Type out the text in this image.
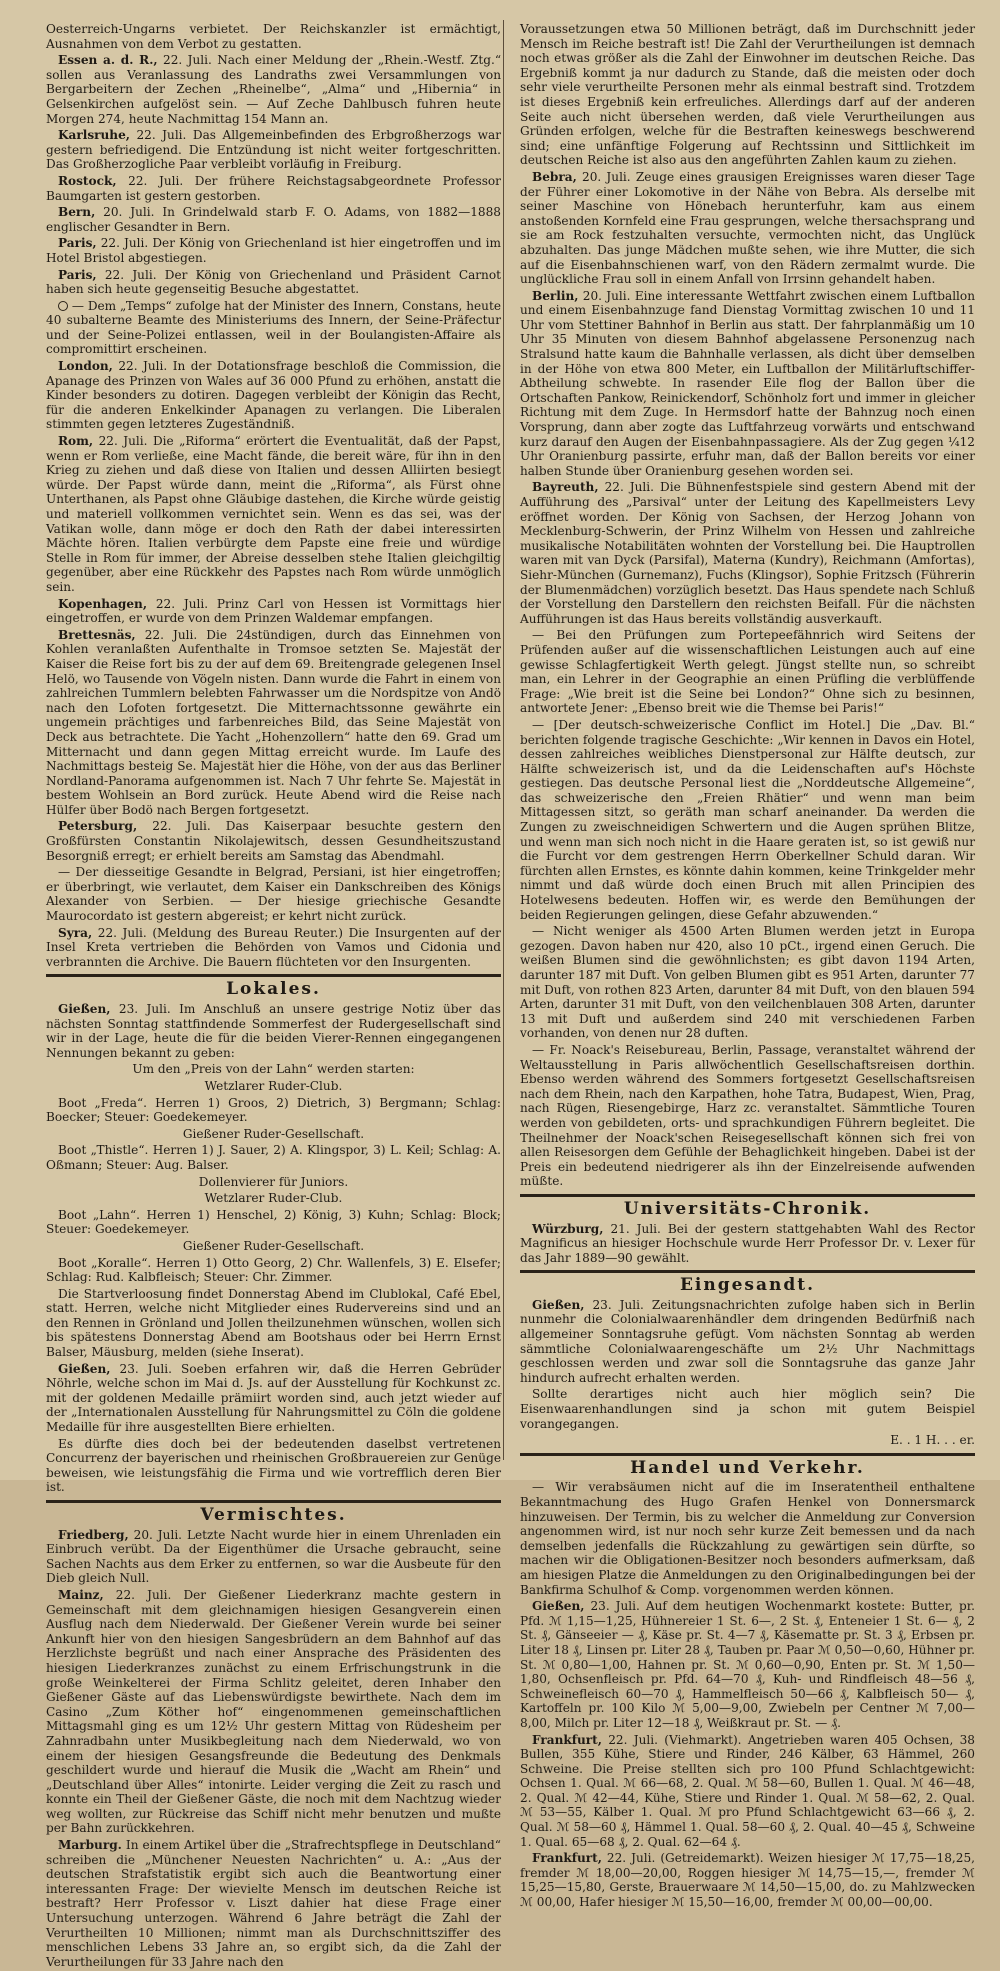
Oesterreich-Ungarns verbietet. Der Reichskanzler ist ermächtigt, Ausnahmen von dem Verbot zu gestatten.

Essen a. d. R., 22. Juli. Nach einer Meldung der „Rhein.-Westf. Ztg.“ sollen aus Veranlassung des Landraths zwei Versammlungen von Bergarbeitern der Zechen „Rheinelbe“, „Alma“ und „Hibernia“ in Gelsenkirchen aufgelöst sein. — Auf Zeche Dahlbusch fuhren heute Morgen 274, heute Nachmittag 154 Mann an.

Karlsruhe, 22. Juli. Das Allgemeinbefinden des Erbgroßherzogs war gestern befriedigend. Die Entzündung ist nicht weiter fortgeschritten. Das Großherzogliche Paar verbleibt vorläufig in Freiburg.

Rostock, 22. Juli. Der frühere Reichstagsabgeordnete Professor Baumgarten ist gestern gestorben.

Bern, 20. Juli. In Grindelwald starb F. O. Adams, von 1882—1888 englischer Gesandter in Bern.

Paris, 22. Juli. Der König von Griechenland ist hier eingetroffen und im Hotel Bristol abgestiegen.

Paris, 22. Juli. Der König von Griechenland und Präsident Carnot haben sich heute gegenseitig Besuche abgestattet.

— Dem „Temps“ zufolge hat der Minister des Innern, Constans, heute 40 subalterne Beamte des Ministeriums des Innern, der Seine-Präfectur und der Seine-Polizei entlassen, weil in der Boulangisten-Affaire als compromittirt erscheinen.

London, 22. Juli. In der Dotationsfrage beschloß die Commission, die Apanage des Prinzen von Wales auf 36 000 Pfund zu erhöhen, anstatt die Kinder besonders zu dotiren. Dagegen verbleibt der Königin das Recht, für die anderen Enkelkinder Apanagen zu verlangen. Die Liberalen stimmten gegen letzteres Zugeständniß.

Rom, 22. Juli. Die „Riforma“ erörtert die Eventualität, daß der Papst, wenn er Rom verließe, eine Macht fände, die bereit wäre, für ihn in den Krieg zu ziehen und daß diese von Italien und dessen Alliirten besiegt würde. Der Papst würde dann, meint die „Riforma“, als Fürst ohne Unterthanen, als Papst ohne Gläubige dastehen, die Kirche würde geistig und materiell vollkommen vernichtet sein. Wenn es das sei, was der Vatikan wolle, dann möge er doch den Rath der dabei interessirten Mächte hören. Italien verbürgte dem Papste eine freie und würdige Stelle in Rom für immer, der Abreise desselben stehe Italien gleichgiltig gegenüber, aber eine Rückkehr des Papstes nach Rom würde unmöglich sein.

Kopenhagen, 22. Juli. Prinz Carl von Hessen ist Vormittags hier eingetroffen, er wurde von dem Prinzen Waldemar empfangen.

Brettesnäs, 22. Juli. Die 24stündigen, durch das Einnehmen von Kohlen veranlaßten Aufenthalte in Tromsoe setzten Se. Majestät der Kaiser die Reise fort bis zu der auf dem 69. Breitengrade gelegenen Insel Helö, wo Tausende von Vögeln nisten. Dann wurde die Fahrt in einem von zahlreichen Tummlern belebten Fahrwasser um die Nordspitze von Andö nach den Lofoten fortgesetzt. Die Mitternachtssonne gewährte ein ungemein prächtiges und farbenreiches Bild, das Seine Majestät von Deck aus betrachtete. Die Yacht „Hohenzollern“ hatte den 69. Grad um Mitternacht und dann gegen Mittag erreicht wurde. Im Laufe des Nachmittags besteig Se. Majestät hier die Höhe, von der aus das Berliner Nordland-Panorama aufgenommen ist. Nach 7 Uhr fehrte Se. Majestät in bestem Wohlsein an Bord zurück. Heute Abend wird die Reise nach Hülfer über Bodö nach Bergen fortgesetzt.

Petersburg, 22. Juli. Das Kaiserpaar besuchte gestern den Großfürsten Constantin Nikolajewitsch, dessen Gesundheitszustand Besorgniß erregt; er erhielt bereits am Samstag das Abendmahl.

— Der diesseitige Gesandte in Belgrad, Persiani, ist hier eingetroffen; er überbringt, wie verlautet, dem Kaiser ein Dankschreiben des Königs Alexander von Serbien. — Der hiesige griechische Gesandte Maurocordato ist gestern abgereist; er kehrt nicht zurück.

Syra, 22. Juli. (Meldung des Bureau Reuter.) Die Insurgenten auf der Insel Kreta vertrieben die Behörden von Vamos und Cidonia und verbrannten die Archive. Die Bauern flüchteten vor den Insurgenten.

Lokales.

Gießen, 23. Juli. Im Anschluß an unsere gestrige Notiz über das nächsten Sonntag stattfindende Sommerfest der Rudergesellschaft sind wir in der Lage, heute die für die beiden Vierer-Rennen eingegangenen Nennungen bekannt zu geben:

Um den „Preis von der Lahn“ werden starten:

Wetzlarer Ruder-Club.

Boot „Freda“. Herren 1) Groos, 2) Dietrich, 3) Bergmann; Schlag: Boecker; Steuer: Goedekemeyer.

Gießener Ruder-Gesellschaft.

Boot „Thistle“. Herren 1) J. Sauer, 2) A. Klingspor, 3) L. Keil; Schlag: A. Oßmann; Steuer: Aug. Balser.

Dollenvierer für Juniors.

Wetzlarer Ruder-Club.

Boot „Lahn“. Herren 1) Henschel, 2) König, 3) Kuhn; Schlag: Block; Steuer: Goedekemeyer.

Gießener Ruder-Gesellschaft.

Boot „Koralle“. Herren 1) Otto Georg, 2) Chr. Wallenfels, 3) E. Elsefer; Schlag: Rud. Kalbfleisch; Steuer: Chr. Zimmer.

Die Startverloosung findet Donnerstag Abend im Clublokal, Café Ebel, statt. Herren, welche nicht Mitglieder eines Rudervereins sind und an den Rennen in Grönland und Jollen theilzunehmen wünschen, wollen sich bis spätestens Donnerstag Abend am Bootshaus oder bei Herrn Ernst Balser, Mäusburg, melden (siehe Inserat).

Gießen, 23. Juli. Soeben erfahren wir, daß die Herren Gebrüder Nöhrle, welche schon im Mai d. Js. auf der Ausstellung für Kochkunst zc. mit der goldenen Medaille prämiirt worden sind, auch jetzt wieder auf der „Internationalen Ausstellung für Nahrungsmittel zu Cöln die goldene Medaille für ihre ausgestellten Biere erhielten.

Es dürfte dies doch bei der bedeutenden daselbst vertretenen Concurrenz der bayerischen und rheinischen Großbrauereien zur Genüge beweisen, wie leistungsfähig die Firma und wie vortrefflich deren Bier ist.

Vermischtes.

Friedberg, 20. Juli. Letzte Nacht wurde hier in einem Uhrenladen ein Einbruch verübt. Da der Eigenthümer die Ursache gebraucht, seine Sachen Nachts aus dem Erker zu entfernen, so war die Ausbeute für den Dieb gleich Null.

Mainz, 22. Juli. Der Gießener Liederkranz machte gestern in Gemeinschaft mit dem gleichnamigen hiesigen Gesangverein einen Ausflug nach dem Niederwald. Der Gießener Verein wurde bei seiner Ankunft hier von den hiesigen Sangesbrüdern an dem Bahnhof auf das Herzlichste begrüßt und nach einer Ansprache des Präsidenten des hiesigen Liederkranzes zunächst zu einem Erfrischungstrunk in die große Weinkelterei der Firma Schlitz geleitet, deren Inhaber den Gießener Gäste auf das Liebenswürdigste bewirthete. Nach dem im Casino „Zum Köther hof“ eingenommenen gemeinschaftlichen Mittagsmahl ging es um 12½ Uhr gestern Mittag von Rüdesheim per Zahnradbahn unter Musikbegleitung nach dem Niederwald, wo von einem der hiesigen Gesangsfreunde die Bedeutung des Denkmals geschildert wurde und hierauf die Musik die „Wacht am Rhein“ und „Deutschland über Alles“ intonirte. Leider verging die Zeit zu rasch und konnte ein Theil der Gießener Gäste, die noch mit dem Nachtzug wieder weg wollten, zur Rückreise das Schiff nicht mehr benutzen und mußte per Bahn zurückkehren.

Marburg. In einem Artikel über die „Strafrechtspflege in Deutschland“ schreiben die „Münchener Neuesten Nachrichten“ u. A.: „Aus der deutschen Strafstatistik ergibt sich auch die Beantwortung einer interessanten Frage: Der wievielte Mensch im deutschen Reiche ist bestraft? Herr Professor v. Liszt dahier hat diese Frage einer Untersuchung unterzogen. Während 6 Jahre beträgt die Zahl der Verurtheilten 10 Millionen; nimmt man als Durchschnittsziffer des menschlichen Lebens 33 Jahre an, so ergibt sich, da die Zahl der Verurtheilungen für 33 Jahre nach den

Voraussetzungen etwa 50 Millionen beträgt, daß im Durchschnitt jeder Mensch im Reiche bestraft ist! Die Zahl der Verurtheilungen ist demnach noch etwas größer als die Zahl der Einwohner im deutschen Reiche. Das Ergebniß kommt ja nur dadurch zu Stande, daß die meisten oder doch sehr viele verurtheilte Personen mehr als einmal bestraft sind. Trotzdem ist dieses Ergebniß kein erfreuliches. Allerdings darf auf der anderen Seite auch nicht übersehen werden, daß viele Verurtheilungen aus Gründen erfolgen, welche für die Bestraften keineswegs beschwerend sind; eine unfänftige Folgerung auf Rechtssinn und Sittlichkeit im deutschen Reiche ist also aus den angeführten Zahlen kaum zu ziehen.

Bebra, 20. Juli. Zeuge eines grausigen Ereignisses waren dieser Tage der Führer einer Lokomotive in der Nähe von Bebra. Als derselbe mit seiner Maschine von Hönebach herunterfuhr, kam aus einem anstoßenden Kornfeld eine Frau gesprungen, welche thersachsprang und sie am Rock festzuhalten versuchte, vermochten nicht, das Unglück abzuhalten. Das junge Mädchen mußte sehen, wie ihre Mutter, die sich auf die Eisenbahnschienen warf, von den Rädern zermalmt wurde. Die unglückliche Frau soll in einem Anfall von Irrsinn gehandelt haben.

Berlin, 20. Juli. Eine interessante Wettfahrt zwischen einem Luftballon und einem Eisenbahnzuge fand Dienstag Vormittag zwischen 10 und 11 Uhr vom Stettiner Bahnhof in Berlin aus statt. Der fahrplanmäßig um 10 Uhr 35 Minuten von diesem Bahnhof abgelassene Personenzug nach Stralsund hatte kaum die Bahnhalle verlassen, als dicht über demselben in der Höhe von etwa 800 Meter, ein Luftballon der Militärluftschiffer-Abtheilung schwebte. In rasender Eile flog der Ballon über die Ortschaften Pankow, Reinickendorf, Schönholz fort und immer in gleicher Richtung mit dem Zuge. In Hermsdorf hatte der Bahnzug noch einen Vorsprung, dann aber zogte das Luftfahrzeug vorwärts und entschwand kurz darauf den Augen der Eisenbahnpassagiere. Als der Zug gegen ¼12 Uhr Oranienburg passirte, erfuhr man, daß der Ballon bereits vor einer halben Stunde über Oranienburg gesehen worden sei.

Bayreuth, 22. Juli. Die Bühnenfestspiele sind gestern Abend mit der Aufführung des „Parsival“ unter der Leitung des Kapellmeisters Levy eröffnet worden. Der König von Sachsen, der Herzog Johann von Mecklenburg-Schwerin, der Prinz Wilhelm von Hessen und zahlreiche musikalische Notabilitäten wohnten der Vorstellung bei. Die Hauptrollen waren mit van Dyck (Parsifal), Materna (Kundry), Reichmann (Amfortas), Siehr-München (Gurnemanz), Fuchs (Klingsor), Sophie Fritzsch (Führerin der Blumenmädchen) vorzüglich besetzt. Das Haus spendete nach Schluß der Vorstellung den Darstellern den reichsten Beifall. Für die nächsten Aufführungen ist das Haus bereits vollständig ausverkauft.

— Bei den Prüfungen zum Portepeefähnrich wird Seitens der Prüfenden außer auf die wissenschaftlichen Leistungen auch auf eine gewisse Schlagfertigkeit Werth gelegt. Jüngst stellte nun, so schreibt man, ein Lehrer in der Geographie an einen Prüfling die verblüffende Frage: „Wie breit ist die Seine bei London?“ Ohne sich zu besinnen, antwortete Jener: „Ebenso breit wie die Themse bei Paris!“

— [Der deutsch-schweizerische Conflict im Hotel.] Die „Dav. Bl.“ berichten folgende tragische Geschichte: „Wir kennen in Davos ein Hotel, dessen zahlreiches weibliches Dienstpersonal zur Hälfte deutsch, zur Hälfte schweizerisch ist, und da die Leidenschaften auf's Höchste gestiegen. Das deutsche Personal liest die „Norddeutsche Allgemeine“, das schweizerische den „Freien Rhätier“ und wenn man beim Mittagessen sitzt, so geräth man scharf aneinander. Da werden die Zungen zu zweischneidigen Schwertern und die Augen sprühen Blitze, und wenn man sich noch nicht in die Haare geraten ist, so ist gewiß nur die Furcht vor dem gestrengen Herrn Oberkellner Schuld daran. Wir fürchten allen Ernstes, es könnte dahin kommen, keine Trinkgelder mehr nimmt und daß würde doch einen Bruch mit allen Principien des Hotelwesens bedeuten. Hoffen wir, es werde den Bemühungen der beiden Regierungen gelingen, diese Gefahr abzuwenden.“

— Nicht weniger als 4500 Arten Blumen werden jetzt in Europa gezogen. Davon haben nur 420, also 10 pCt., irgend einen Geruch. Die weißen Blumen sind die gewöhnlichsten; es gibt davon 1194 Arten, darunter 187 mit Duft. Von gelben Blumen gibt es 951 Arten, darunter 77 mit Duft, von rothen 823 Arten, darunter 84 mit Duft, von den blauen 594 Arten, darunter 31 mit Duft, von den veilchenblauen 308 Arten, darunter 13 mit Duft und außerdem sind 240 mit verschiedenen Farben vorhanden, von denen nur 28 duften.

— Fr. Noack's Reisebureau, Berlin, Passage, veranstaltet während der Weltausstellung in Paris allwöchentlich Gesellschaftsreisen dorthin. Ebenso werden während des Sommers fortgesetzt Gesellschaftsreisen nach dem Rhein, nach den Karpathen, hohe Tatra, Budapest, Wien, Prag, nach Rügen, Riesengebirge, Harz zc. veranstaltet. Sämmtliche Touren werden von gebildeten, orts- und sprachkundigen Führern begleitet. Die Theilnehmer der Noack'schen Reisegesellschaft können sich frei von allen Reisesorgen dem Gefühle der Behaglichkeit hingeben. Dabei ist der Preis ein bedeutend niedrigerer als ihn der Einzelreisende aufwenden müßte.

Universitäts-Chronik.

Würzburg, 21. Juli. Bei der gestern stattgehabten Wahl des Rector Magnificus an hiesiger Hochschule wurde Herr Professor Dr. v. Lexer für das Jahr 1889—90 gewählt.

Eingesandt.

Gießen, 23. Juli. Zeitungsnachrichten zufolge haben sich in Berlin nunmehr die Colonialwaarenhändler dem dringenden Bedürfniß nach allgemeiner Sonntagsruhe gefügt. Vom nächsten Sonntag ab werden sämmtliche Colonialwaarengeschäfte um 2½ Uhr Nachmittags geschlossen werden und zwar soll die Sonntagsruhe das ganze Jahr hindurch aufrecht erhalten werden.

Sollte derartiges nicht auch hier möglich sein? Die Eisenwaarenhandlungen sind ja schon mit gutem Beispiel vorangegangen.

E. . 1 H. . . er.

Handel und Verkehr.

— Wir verabsäumen nicht auf die im Inseratentheil enthaltene Bekanntmachung des Hugo Grafen Henkel von Donnersmarck hinzuweisen. Der Termin, bis zu welcher die Anmeldung zur Conversion angenommen wird, ist nur noch sehr kurze Zeit bemessen und da nach demselben jedenfalls die Rückzahlung zu gewärtigen sein dürfte, so machen wir die Obligationen-Besitzer noch besonders aufmerksam, daß am hiesigen Platze die Anmeldungen zu den Originalbedingungen bei der Bankfirma Schulhof & Comp. vorgenommen werden können.

Gießen, 23. Juli. Auf dem heutigen Wochenmarkt kostete: Butter, pr. Pfd. ℳ 1,15—1,25, Hühnereier 1 St. 6—, 2 St. ₰, Enteneier 1 St. 6— ₰, 2 St. ₰, Gänseeier — ₰, Käse pr. St. 4—7 ₰, Käsematte pr. St. 3 ₰, Erbsen pr. Liter 18 ₰, Linsen pr. Liter 28 ₰, Tauben pr. Paar ℳ 0,50—0,60, Hühner pr. St. ℳ 0,80—1,00, Hahnen pr. St. ℳ 0,60—0,90, Enten pr. St. ℳ 1,50—1,80, Ochsenfleisch pr. Pfd. 64—70 ₰, Kuh- und Rindfleisch 48—56 ₰, Schweinefleisch 60—70 ₰, Hammelfleisch 50—66 ₰, Kalbfleisch 50— ₰, Kartoffeln pr. 100 Kilo ℳ 5,00—9,00, Zwiebeln per Centner ℳ 7,00—8,00, Milch pr. Liter 12—18 ₰, Weißkraut pr. St. — ₰.

Frankfurt, 22. Juli. (Viehmarkt). Angetrieben waren 405 Ochsen, 38 Bullen, 355 Kühe, Stiere und Rinder, 246 Kälber, 63 Hämmel, 260 Schweine. Die Preise stellten sich pro 100 Pfund Schlachtgewicht: Ochsen 1. Qual. ℳ 66—68, 2. Qual. ℳ 58—60, Bullen 1. Qual. ℳ 46—48, 2. Qual. ℳ 42—44, Kühe, Stiere und Rinder 1. Qual. ℳ 58—62, 2. Qual. ℳ 53—55, Kälber 1. Qual. ℳ pro Pfund Schlachtgewicht 63—66 ₰, 2. Qual. ℳ 58—60 ₰, Hämmel 1. Qual. 58—60 ₰, 2. Qual. 40—45 ₰, Schweine 1. Qual. 65—68 ₰, 2. Qual. 62—64 ₰.

Frankfurt, 22. Juli. (Getreidemarkt). Weizen hiesiger ℳ 17,75—18,25, fremder ℳ 18,00—20,00, Roggen hiesiger ℳ 14,75—15,—, fremder ℳ 15,25—15,80, Gerste, Brauerwaare ℳ 14,50—15,00, do. zu Mahlzwecken ℳ 00,00, Hafer hiesiger ℳ 15,50—16,00, fremder ℳ 00,00—00,00.
